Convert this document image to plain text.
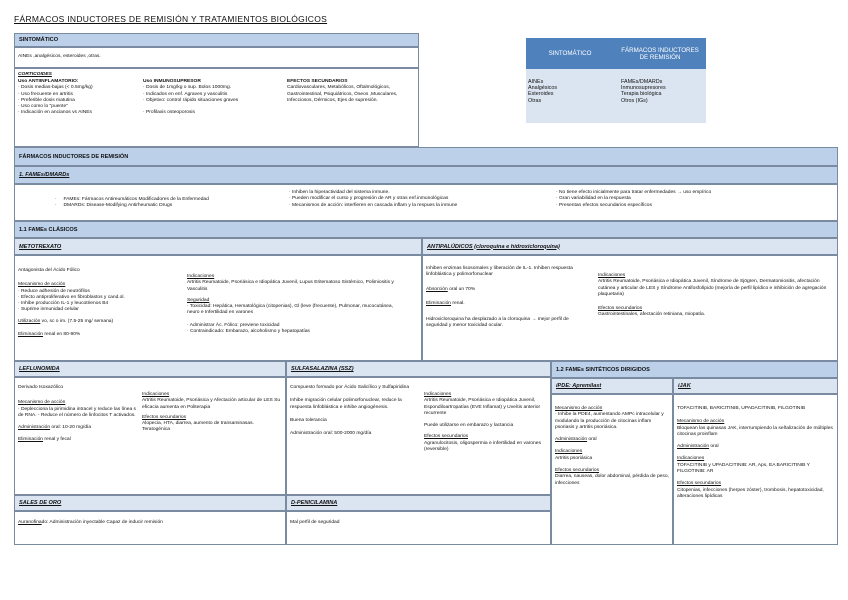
FÁRMACOS INDUCTORES DE REMISIÓN Y TRATAMIENTOS BIOLÓGICOS
SINTOMÁTICO
AINEs ,analgésicos, esteroides ,otras.
CORTICOIDES
Uso ANTIINFLAMATORIO:
· Dosis medias-bajas (< 0.5mg/kg)
· Uso frecuente en artritis
· Preferible dosis matutina
· Uso como lo "puente"
· Indicación en ancianos vs AINEs
Uso INMUNOSUPRESOR
· Dosis de 1mg/kg o sup. Bolos 1000mg.
· Indicados en enf. Agraves y vasculitis
· Objetivo: control rápido situaciones graves
· Profilaxis osteoporosis
EFECTOS SECUNDARIOS
Cardiovasculares, Metabólicos, Oftalmológicos, Gastrointestinal, Psiquiátricos, Óseos ,Musculares, Infecciosos, Dérmicos, Ejes de supresión.
SINTOMÁTICO	FÁRMACOS INDUCTORES DE REMISIÓN
AINEs	FAMEs/DMARDs
Analgésicos	Inmunosupresores
Esteroides	Terapia biológica
Otras	Otros (IGs)
FÁRMACOS INDUCTORES DE REMISIÓN
1. FAMEs/DMARDs
·     FAMEs: Fármacos Antireumáticos Modificadores de la Enfermedad
·     DMARDs: Disease-Modifying Antirheumatic Drugs
· Inhiben la hiperactividad del sistema inmune.
· Pueden modificar el curso y progresión de AR y otras enf.inmunológicas
· Mecanismos de acción: interfieren en cascada inflam y la respues la inmune
· No tiene efecto inicialmente para tratar enfermedades → uso empírico
· Gran variabilidad en la respuesta
· Presentan efectos secundarios específicos
1.1 FAMEs CLÁSICOS
METOTREXATO
Antagonista del Ácido Fólico
Mecanismo de acción
· Reduce adhesión de neutrófilos
· Efecto antiproliferativo en fibroblastos y cand.ol.
· Inhibe producción IL-1 y leucotrienos B4
· Suprime inmunidad celular
Utilización vo, sc o im. (7.5-25 mg/ semana)
Eliminación renal en 80-90%
Indicaciones
Artritis Reumatoide, Psoriásica e Idiopática Juvenil, Lupus Eritematoso Sistémico, Polimiositis y Vasculitis
Seguridad
· Toxicidad: Hepática, Hematológica (citopenias), Gl (leve (frecuente), Pulmonar, mucocutánea, neuro e Infertilidad en varones
· Administrar Ác. Fólico: previene toxicidad
· Contraindicado: Embarazo, alcoholismo y hepatopatías
ANTIPALÚDICOS (cloroquina e hidroxicloroquina)
Inhiben enzimas lisosomales y liberación de IL-1. Inhiben respuesta linfoblástica y polimorfonuclear
Absorción oral un 70%
Eliminación renal.
Hidroxicloroquina ha desplazado a la cloroquina → mejor perfil de seguridad y menor toxicidad ocular.
Indicaciones
Artritis Reumatoide, Psoriásica e Idiopática Juvenil, Síndrome de Sjögren, Dermatomiositis, afectación cutánea y articular de LES y Síndrome Antifosfolípido (mejoría de perfil lipídico e inhibición de agregación plaquetaria)
Efectos secundarios
Gastrointestinales, afectación retiniana, miopatía.
LEFLUNOMIDA
Derivado Isoxazólico
Mecanismo de acción
· Deplecciona la pirimidina intracel y reduce las línea s de RNA. - Reduce el número de linfocitos T activados.
Administración oral: 10-20 mg/día
Eliminación renal y fecal
Indicaciones
Artritis Reumatoide, Psoriásica y Afectación articular de LES Su eficacia aumenta en Politerapia
Efectos secundarios
Alopecia, HTA, diarrea, aumento de transaminasas. Teratogénica
SULFASALAZINA (SSZ)
Compuesto formado por Ácido Salicílico y Sulfapiridina
Inhibe migración celular polimorfonuclear, reduce la respuesta linfoblástica e inhibe angiogénesis.
Buena tolerancia
Administración oral: 500-2000 mg/día
Indicaciones
Artritis Reumatoide, Psoriásica e Idiopática Juvenil, Espondiloartropatías (EVE Inflamat) y Uveítis anterior recurrente
Puede utilizarse en embarazo y lactancia
Efectos secundarios
Agranulocitosis, oligospermia e infertilidad en varones (reversible)
SALES DE ORO
Auranofinado: Administración inyectable Capaz de inducir remisión
D-PENICILAMINA
Mal perfil de seguridad
1.2 FAMEs SINTÉTICOS DIRIGIDOS
iPDE: Apremilast	iJAK
Mecanismo de acción
· Inhibe la PDE4, aumentando AMPc intracelular y modulando la producción de citocinas inflam psoriasis y artritis psoriásica.
Administración oral
Indicaciones
Artritis psoriásica
Efectos secundarios
Diarrea, nauseas, dolor abdominal, pérdida de peso, infecciones
TOFACITINIB, BARICITINIB, UPADACITINIB, FILGOTINIB
Mecanismo de acción
Bloquean las quinasas JAK, interrumpiendo la señalización de múltiples citocinas proinflam
Administración oral
Indicaciones
TOFACITINIB y UPADACITINIB: AR, Aps, EA BARICITINIB Y FILGOTINIB: AR
Efectos secundarios
Citopenias, infecciones (herpes zóster), trombosis, hepatotoxicidad, alteraciones lipídicas
